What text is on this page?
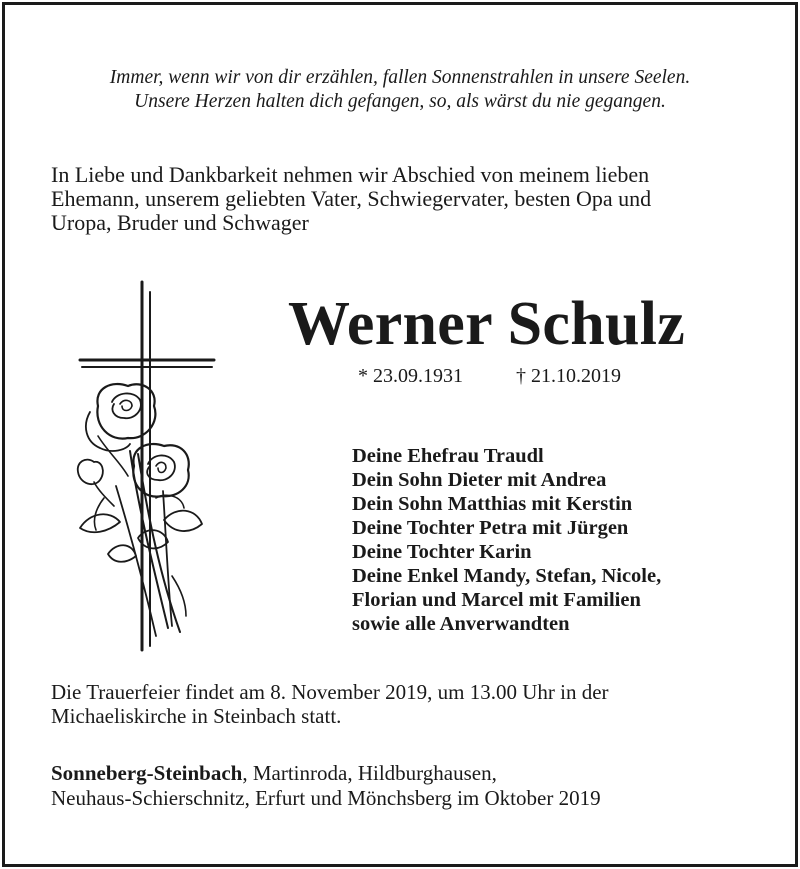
Immer, wenn wir von dir erzählen, fallen Sonnenstrahlen in unsere Seelen.
Unsere Herzen halten dich gefangen, so, als wärst du nie gegangen.
In Liebe und Dankbarkeit nehmen wir Abschied von meinem lieben
Ehemann, unserem geliebten Vater, Schwiegervater, besten Opa und
Uropa, Bruder und Schwager
Werner Schulz
* 23.09.1931	† 21.10.2019
Deine Ehefrau Traudl
Dein Sohn Dieter mit Andrea
Dein Sohn Matthias mit Kerstin
Deine Tochter Petra mit Jürgen
Deine Tochter Karin
Deine Enkel Mandy, Stefan, Nicole,
Florian und Marcel mit Familien
sowie alle Anverwandten
Die Trauerfeier findet am 8. November 2019, um 13.00 Uhr in der
Michaeliskirche in Steinbach statt.
Sonneberg-Steinbach, Martinroda, Hildburghausen,
Neuhaus-Schierschnitz, Erfurt und Mönchsberg im Oktober 2019
